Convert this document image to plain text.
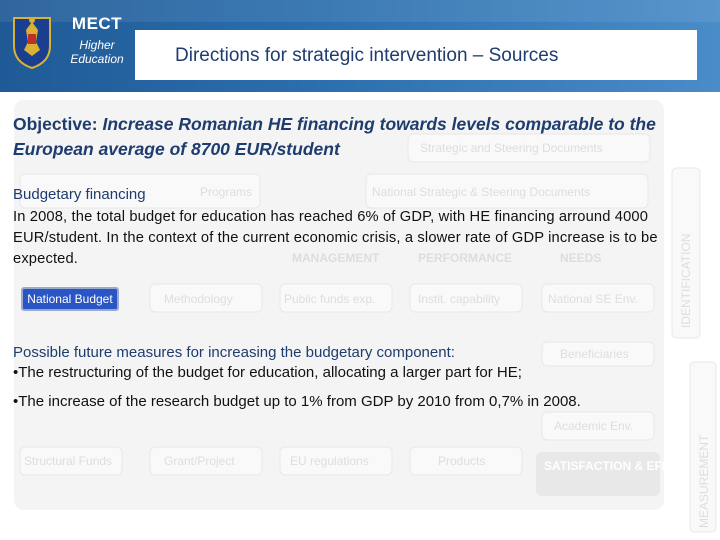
MECT
Higher
Education	Directions for strategic intervention – Sources
Programs	National Strategic & Steering Documents
Strategic and Steering Documents
MANAGEMENT	PERFORMANCE	NEEDS
Methodology	Public funds exp.	Instit. capability	National SE Env.
Beneficiaries
Academic Env.
Structural Funds	Grant/Project	EU regulations	Products	SATISFACTION & EFFICIENCY
IDENTIFICATION
MEASUREMENT
Objective: Increase Romanian HE financing towards levels comparable to the European average of 8700 EUR/student
Budgetary financing
In 2008, the total budget for education has reached 6% of GDP, with HE financing arround 4000 EUR/student. In the context of the current economic crisis, a slower rate of GDP increase is to be expected.
National Budget
Possible future measures for increasing the budgetary component:
•The restructuring of the budget for education, allocating a larger part for HE;
•The increase of the research budget up to 1% from GDP by 2010 from 0,7% in 2008.
